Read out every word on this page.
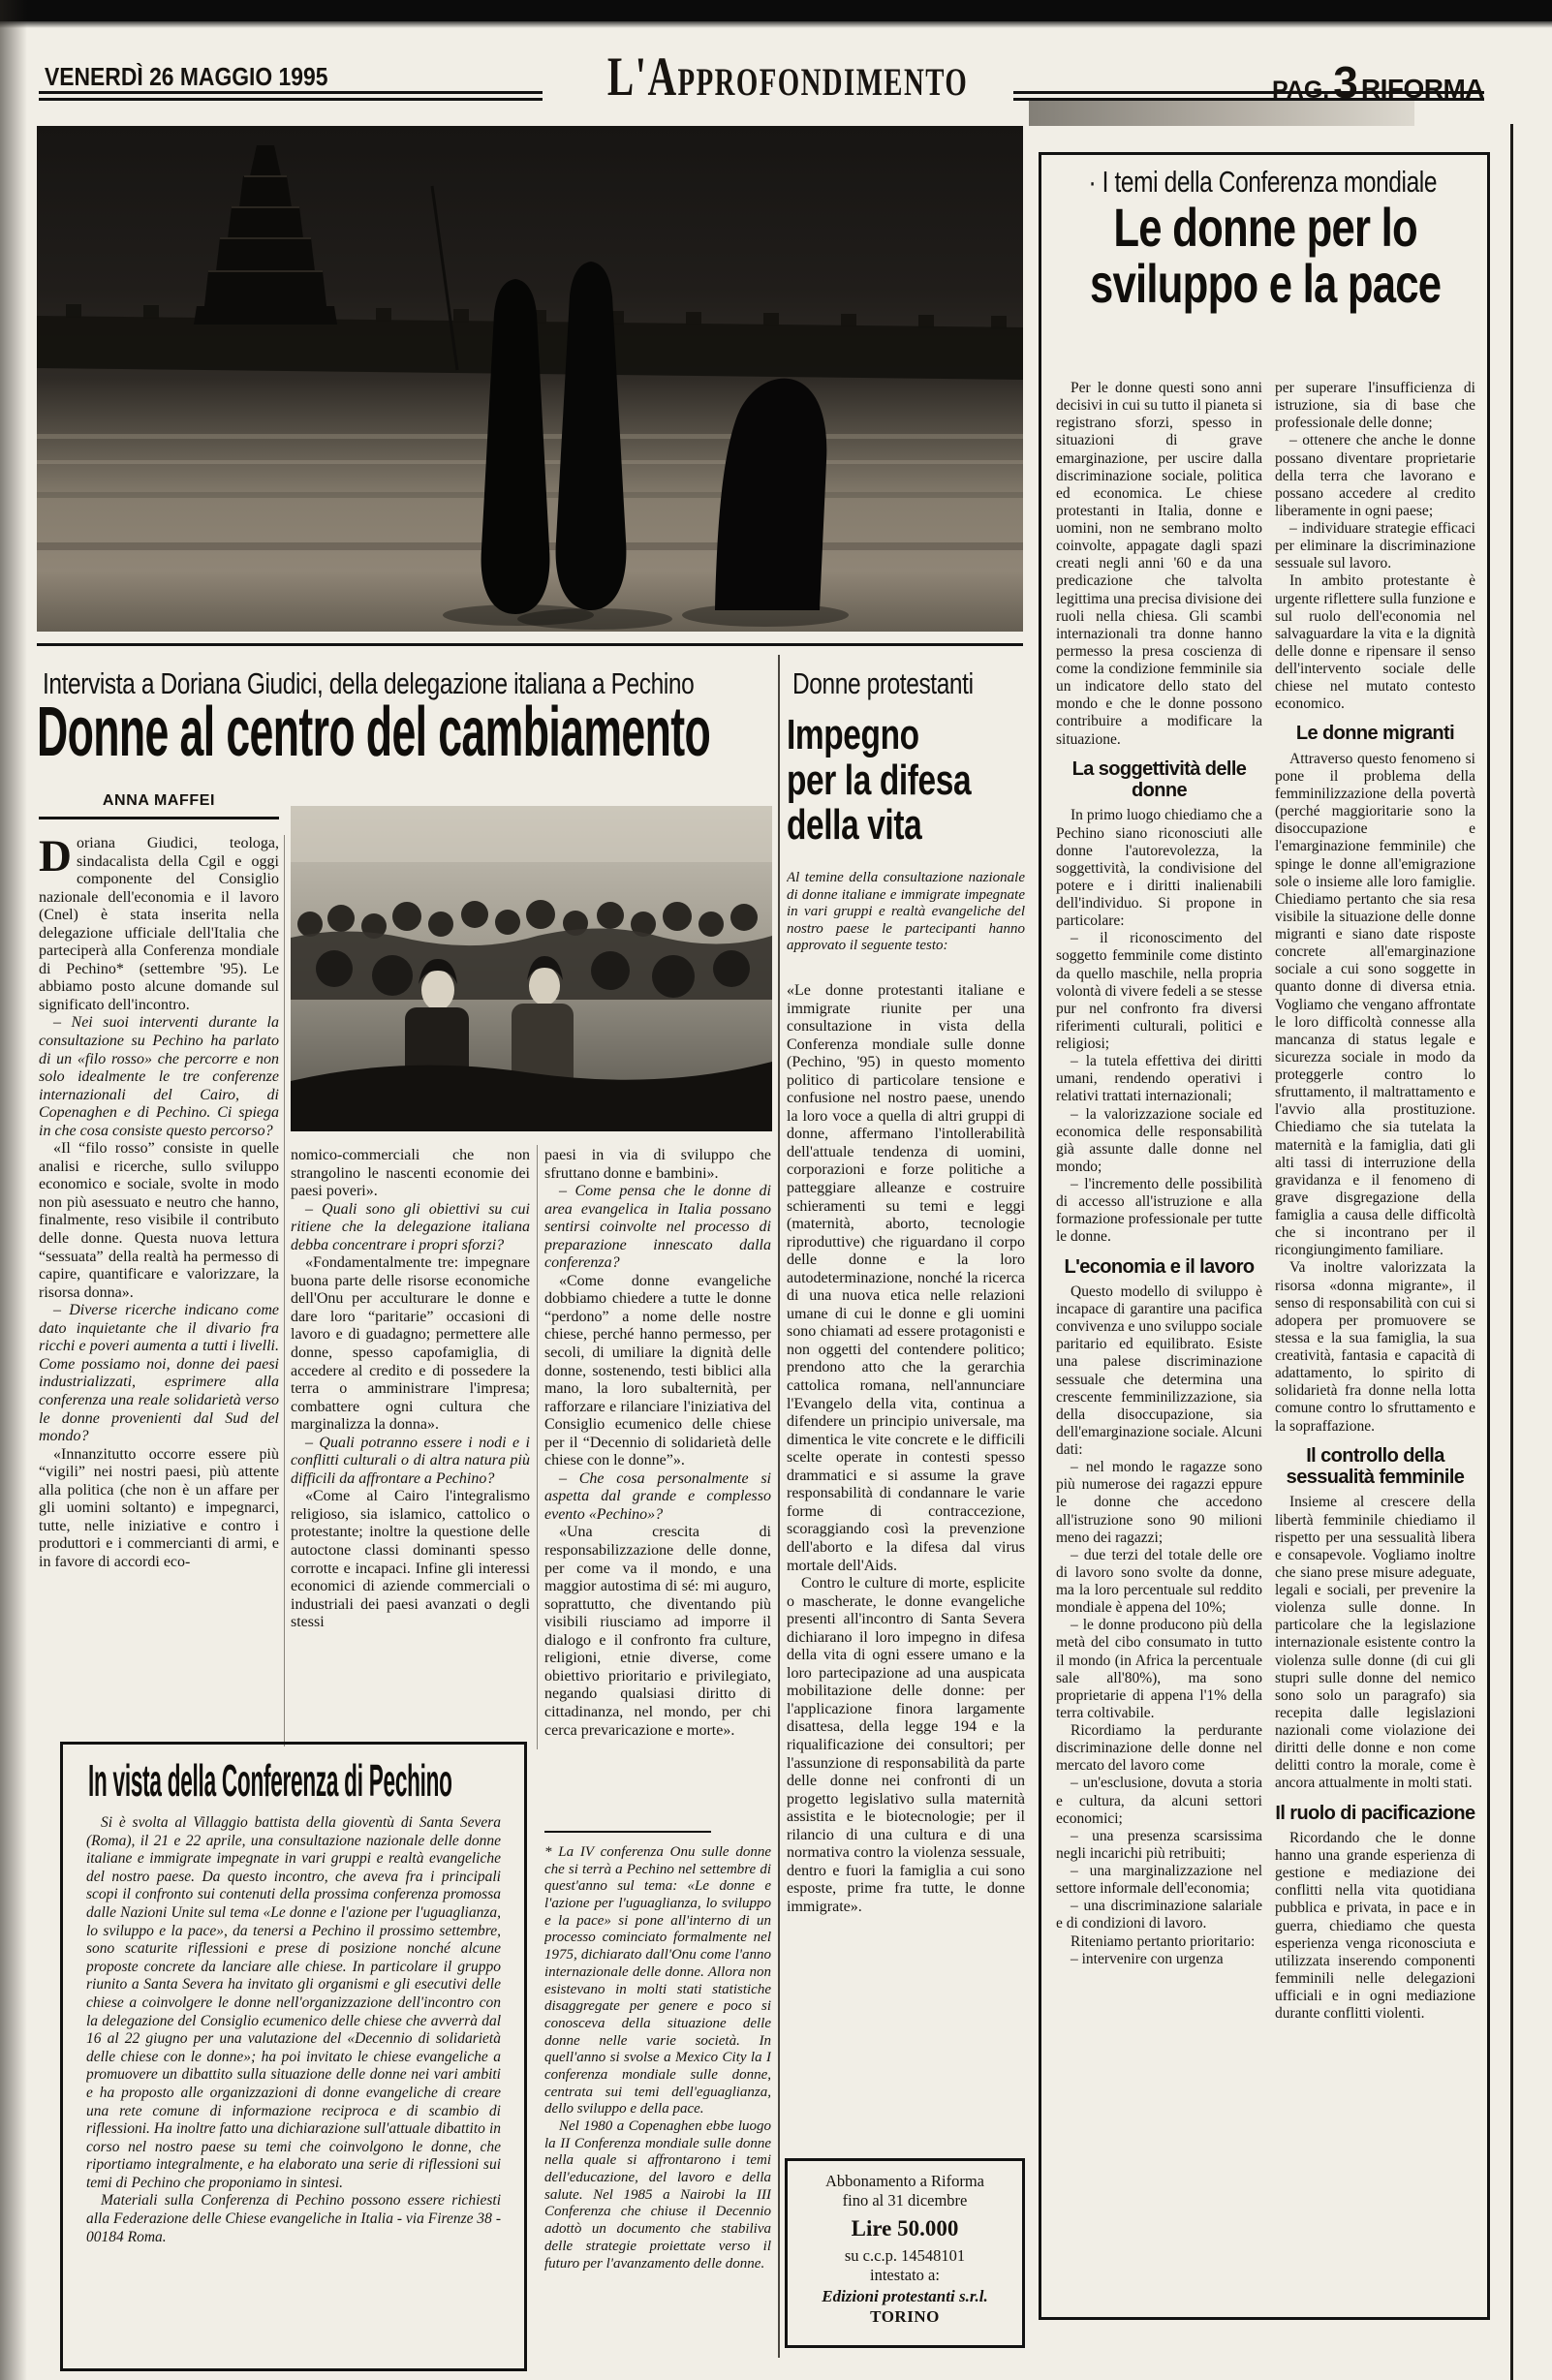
VENERDÌ 26 MAGGIO 1995	L'Approfondimento	PAG.3 RIFORMA
Intervista a Doriana Giudici, della delegazione italiana a Pechino	Donne protestanti
Donne al centro del cambiamento	Impegno
per la difesa
della vita
ANNA MAFFEI

Doriana Giudici, teologa, sindacalista della Cgil e oggi componente del Consiglio nazionale dell'economia e il lavoro (Cnel) è stata inserita nella delegazione ufficiale dell'Italia che parteciperà alla Conferenza mondiale di Pechino* (settembre '95). Le abbiamo posto alcune domande sul significato dell'incontro.

– Nei suoi interventi durante la consultazione su Pechino ha parlato di un «filo rosso» che percorre e non solo idealmente le tre conferenze internazionali del Cairo, di Copenaghen e di Pechino. Ci spiega in che cosa consiste questo percorso?

«Il “filo rosso” consiste in quelle analisi e ricerche, sullo sviluppo economico e sociale, svolte in modo non più asessuato e neutro che hanno, finalmente, reso visibile il contributo delle donne. Questa nuova lettura “sessuata” della realtà ha permesso di capire, quantificare e valorizzare, la risorsa donna».

– Diverse ricerche indicano come dato inquietante che il divario fra ricchi e poveri aumenta a tutti i livelli. Come possiamo noi, donne dei paesi industrializzati, esprimere alla conferenza una reale solidarietà verso le donne provenienti dal Sud del mondo?

«Innanzitutto occorre essere più “vigili” nei nostri paesi, più attente alla politica (che non è un affare per gli uomini soltanto) e impegnarci, tutte, nelle iniziative e contro i produttori e i commercianti di armi, e in favore di accordi eco-

nomico-commerciali che non strangolino le nascenti economie dei paesi poveri».

– Quali sono gli obiettivi su cui ritiene che la delegazione italiana debba concentrare i propri sforzi?

«Fondamentalmente tre: impegnare buona parte delle risorse economiche dell'Onu per acculturare le donne e dare loro “paritarie” occasioni di lavoro e di guadagno; permettere alle donne, spesso capofamiglia, di accedere al credito e di possedere la terra o amministrare l'impresa; combattere ogni cultura che marginalizza la donna».

– Quali potranno essere i nodi e i conflitti culturali o di altra natura più difficili da affrontare a Pechino?

«Come al Cairo l'integralismo religioso, sia islamico, cattolico o protestante; inoltre la questione delle autoctone classi dominanti spesso corrotte e incapaci. Infine gli interessi economici di aziende commerciali o industriali dei paesi avanzati o degli stessi

paesi in via di sviluppo che sfruttano donne e bambini».

– Come pensa che le donne di area evangelica in Italia possano sentirsi coinvolte nel processo di preparazione innescato dalla conferenza?

«Come donne evangeliche dobbiamo chiedere a tutte le donne “perdono” a nome delle nostre chiese, perché hanno permesso, per secoli, di umiliare la dignità delle donne, sostenendo, testi biblici alla mano, la loro subalternità, per rafforzare e rilanciare l'iniziativa del Consiglio ecumenico delle chiese per il “Decennio di solidarietà delle chiese con le donne”».

– Che cosa personalmente si aspetta dal grande e complesso evento «Pechino»?

«Una crescita di responsabilizzazione delle donne, per come va il mondo, e una maggior autostima di sé: mi auguro, soprattutto, che diventando più visibili riusciamo ad imporre il dialogo e il confronto fra culture, religioni, etnie diverse, come obiettivo prioritario e privilegiato, negando qualsiasi diritto di cittadinanza, nel mondo, per chi cerca prevaricazione e morte».

* La IV conferenza Onu sulle donne che si terrà a Pechino nel settembre di quest'anno sul tema: «Le donne e l'azione per l'uguaglianza, lo sviluppo e la pace» si pone all'interno di un processo cominciato formalmente nel 1975, dichiarato dall'Onu come l'anno internazionale delle donne. Allora non esistevano in molti stati statistiche disaggregate per genere e poco si conosceva della situazione delle donne nelle varie società. In quell'anno si svolse a Mexico City la I conferenza mondiale sulle donne, centrata sui temi dell'eguaglianza, dello sviluppo e della pace.

Nel 1980 a Copenaghen ebbe luogo la II Conferenza mondiale sulle donne nella quale si affrontarono i temi dell'educazione, del lavoro e della salute. Nel 1985 a Nairobi la III Conferenza che chiuse il Decennio adottò un documento che stabiliva delle strategie proiettate verso il futuro per l'avanzamento delle donne.

Al temine della consultazione nazionale di donne italiane e immigrate impegnate in vari gruppi e realtà evangeliche del nostro paese le partecipanti hanno approvato il seguente testo:

«Le donne protestanti italiane e immigrate riunite per una consultazione in vista della Conferenza mondiale sulle donne (Pechino, '95) in questo momento politico di particolare tensione e confusione nel nostro paese, unendo la loro voce a quella di altri gruppi di donne, affermano l'intollerabilità dell'attuale tendenza di uomini, corporazioni e forze politiche a patteggiare alleanze e costruire schieramenti su temi e leggi (maternità, aborto, tecnologie riproduttive) che riguardano il corpo delle donne e la loro autodeterminazione, nonché la ricerca di una nuova etica nelle relazioni umane di cui le donne e gli uomini sono chiamati ad essere protagonisti e non oggetti del contendere politico; prendono atto che la gerarchia cattolica romana, nell'annunciare l'Evangelo della vita, continua a difendere un principio universale, ma dimentica le vite concrete e le difficili scelte operate in contesti spesso drammatici e si assume la grave responsabilità di condannare le varie forme di contraccezione, scoraggiando così la prevenzione dell'aborto e la difesa dal virus mortale dell'Aids.

Contro le culture di morte, esplicite o mascherate, le donne evangeliche presenti all'incontro di Santa Severa dichiarano il loro impegno in difesa della vita di ogni essere umano e la loro partecipazione ad una auspicata mobilitazione delle donne: per l'applicazione finora largamente disattesa, della legge 194 e la riqualificazione dei consultori; per l'assunzione di responsabilità da parte delle donne nei confronti di un progetto legislativo sulla maternità assistita e le biotecnologie; per il rilancio di una cultura e di una normativa contro la violenza sessuale, dentro e fuori la famiglia a cui sono esposte, prime fra tutte, le donne immigrate».

Abbonamento a Riforma
fino al 31 dicembre
Lire 50.000
su c.c.p. 14548101
intestato a:
Edizioni protestanti s.r.l.
TORINO
In vista della Conferenza di Pechino

Si è svolta al Villaggio battista della gioventù di Santa Severa (Roma), il 21 e 22 aprile, una consultazione nazionale delle donne italiane e immigrate impegnate in vari gruppi e realtà evangeliche del nostro paese. Da questo incontro, che aveva fra i principali scopi il confronto sui contenuti della prossima conferenza promossa dalle Nazioni Unite sul tema «Le donne e l'azione per l'uguaglianza, lo sviluppo e la pace», da tenersi a Pechino il prossimo settembre, sono scaturite riflessioni e prese di posizione nonché alcune proposte concrete da lanciare alle chiese. In particolare il gruppo riunito a Santa Severa ha invitato gli organismi e gli esecutivi delle chiese a coinvolgere le donne nell'organizzazione dell'incontro con la delegazione del Consiglio ecumenico delle chiese che avverrà dal 16 al 22 giugno per una valutazione del «Decennio di solidarietà delle chiese con le donne»; ha poi invitato le chiese evangeliche a promuovere un dibattito sulla situazione delle donne nei vari ambiti e ha proposto alle organizzazioni di donne evangeliche di creare una rete comune di informazione reciproca e di scambio di riflessioni. Ha inoltre fatto una dichiarazione sull'attuale dibattito in corso nel nostro paese su temi che coinvolgono le donne, che riportiamo integralmente, e ha elaborato una serie di riflessioni sui temi di Pechino che proponiamo in sintesi.

Materiali sulla Conferenza di Pechino possono essere richiesti alla Federazione delle Chiese evangeliche in Italia - via Firenze 38 - 00184 Roma.

· I temi della Conferenza mondiale
Le donne per lo
sviluppo e la pace

Per le donne questi sono anni decisivi in cui su tutto il pianeta si registrano sforzi, spesso in situazioni di grave emarginazione, per uscire dalla discriminazione sociale, politica ed economica. Le chiese protestanti in Italia, donne e uomini, non ne sembrano molto coinvolte, appagate dagli spazi creati negli anni '60 e da una predicazione che talvolta legittima una precisa divisione dei ruoli nella chiesa. Gli scambi internazionali tra donne hanno permesso la presa coscienza di come la condizione femminile sia un indicatore dello stato del mondo e che le donne possono contribuire a modificare la situazione.

La soggettività delle donne

In primo luogo chiediamo che a Pechino siano riconosciuti alle donne l'autorevolezza, la soggettività, la condivisione del potere e i diritti inalienabili dell'individuo. Si propone in particolare:

– il riconoscimento del soggetto femminile come distinto da quello maschile, nella propria volontà di vivere fedeli a se stesse pur nel confronto fra diversi riferimenti culturali, politici e religiosi;

– la tutela effettiva dei diritti umani, rendendo operativi i relativi trattati internazionali;

– la valorizzazione sociale ed economica delle responsabilità già assunte dalle donne nel mondo;

– l'incremento delle possibilità di accesso all'istruzione e alla formazione professionale per tutte le donne.

L'economia e il lavoro

Questo modello di sviluppo è incapace di garantire una pacifica convivenza e uno sviluppo sociale paritario ed equilibrato. Esiste una palese discriminazione sessuale che determina una crescente femminilizzazione, sia della disoccupazione, sia dell'emarginazione sociale. Alcuni dati:

– nel mondo le ragazze sono più numerose dei ragazzi eppure le donne che accedono all'istruzione sono 90 milioni meno dei ragazzi;

– due terzi del totale delle ore di lavoro sono svolte da donne, ma la loro percentuale sul reddito mondiale è appena del 10%;

– le donne producono più della metà del cibo consumato in tutto il mondo (in Africa la percentuale sale all'80%), ma sono proprietarie di appena l'1% della terra coltivabile.

Ricordiamo la perdurante discriminazione delle donne nel mercato del lavoro come

– un'esclusione, dovuta a storia e cultura, da alcuni settori economici;

– una presenza scarsissima negli incarichi più retribuiti;

– una marginalizzazione nel settore informale dell'economia;

– una discriminazione salariale e di condizioni di lavoro.

Riteniamo pertanto prioritario:

– intervenire con urgenza

per superare l'insufficienza di istruzione, sia di base che professionale delle donne;

– ottenere che anche le donne possano diventare proprietarie della terra che lavorano e possano accedere al credito liberamente in ogni paese;

– individuare strategie efficaci per eliminare la discriminazione sessuale sul lavoro.

In ambito protestante è urgente riflettere sulla funzione e sul ruolo dell'economia nel salvaguardare la vita e la dignità delle donne e ripensare il senso dell'intervento sociale delle chiese nel mutato contesto economico.

Le donne migranti

Attraverso questo fenomeno si pone il problema della femminilizzazione della povertà (perché maggioritarie sono la disoccupazione e l'emarginazione femminile) che spinge le donne all'emigrazione sole o insieme alle loro famiglie. Chiediamo pertanto che sia resa visibile la situazione delle donne migranti e siano date risposte concrete all'emarginazione sociale a cui sono soggette in quanto donne di diversa etnia. Vogliamo che vengano affrontate le loro difficoltà connesse alla mancanza di status legale e sicurezza sociale in modo da proteggerle contro lo sfruttamento, il maltrattamento e l'avvio alla prostituzione. Chiediamo che sia tutelata la maternità e la famiglia, dati gli alti tassi di interruzione della gravidanza e il fenomeno di grave disgregazione della famiglia a causa delle difficoltà che si incontrano per il ricongiungimento familiare.

Va inoltre valorizzata la risorsa «donna migrante», il senso di responsabilità con cui si adopera per promuovere se stessa e la sua famiglia, la sua creatività, fantasia e capacità di adattamento, lo spirito di solidarietà fra donne nella lotta comune contro lo sfruttamento e la sopraffazione.

Il controllo della sessualità femminile

Insieme al crescere della libertà femminile chiediamo il rispetto per una sessualità libera e consapevole. Vogliamo inoltre che siano prese misure adeguate, legali e sociali, per prevenire la violenza sulle donne. In particolare che la legislazione internazionale esistente contro la violenza sulle donne (di cui gli stupri sulle donne del nemico sono solo un paragrafo) sia recepita dalle legislazioni nazionali come violazione dei diritti delle donne e non come delitti contro la morale, come è ancora attualmente in molti stati.

Il ruolo di pacificazione

Ricordando che le donne hanno una grande esperienza di gestione e mediazione dei conflitti nella vita quotidiana pubblica e privata, in pace e in guerra, chiediamo che questa esperienza venga riconosciuta e utilizzata inserendo componenti femminili nelle delegazioni ufficiali e in ogni mediazione durante conflitti violenti.
